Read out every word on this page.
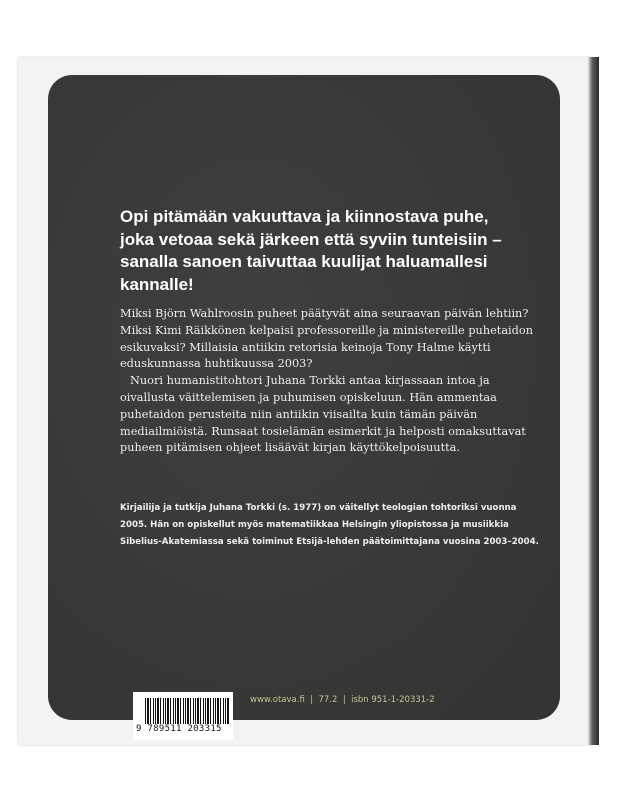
Opi pitämään vakuuttava ja kiinnostava puhe, joka vetoaa sekä järkeen että syviin tunteisiin – sanalla sanoen taivuttaa kuulijat haluamallesi kannalle!

Miksi Björn Wahlroosin puheet päätyvät aina seuraavan päivän lehtiin? Miksi Kimi Räikkönen kelpaisi professoreille ja ministereille puhetaidon esikuvaksi? Millaisia antiikin retorisia keinoja Tony Halme käytti eduskunnassa huhtikuussa 2003?

Nuori humanistitohtori Juhana Torkki antaa kirjassaan intoa ja oivallusta väittelemisen ja puhumisen opiskeluun. Hän ammentaa puhetaidon perusteita niin antiikin viisailta kuin tämän päivän mediailmiöistä. Runsaat tosielämän esimerkit ja helposti omaksuttavat puheen pitämisen ohjeet lisäävät kirjan käyttökelpoisuutta.

Kirjailija ja tutkija Juhana Torkki (s. 1977) on väitellyt teologian tohtoriksi vuonna 2005. Hän on opiskellut myös matematiikkaa Helsingin yliopistossa ja musiikkia Sibelius-Akatemiassa sekä toiminut Etsijä-lehden päätoimittajana vuosina 2003–2004.
www.otava.fi  |  77.2  |  isbn 951-1-20331-2
9 789511 203315
